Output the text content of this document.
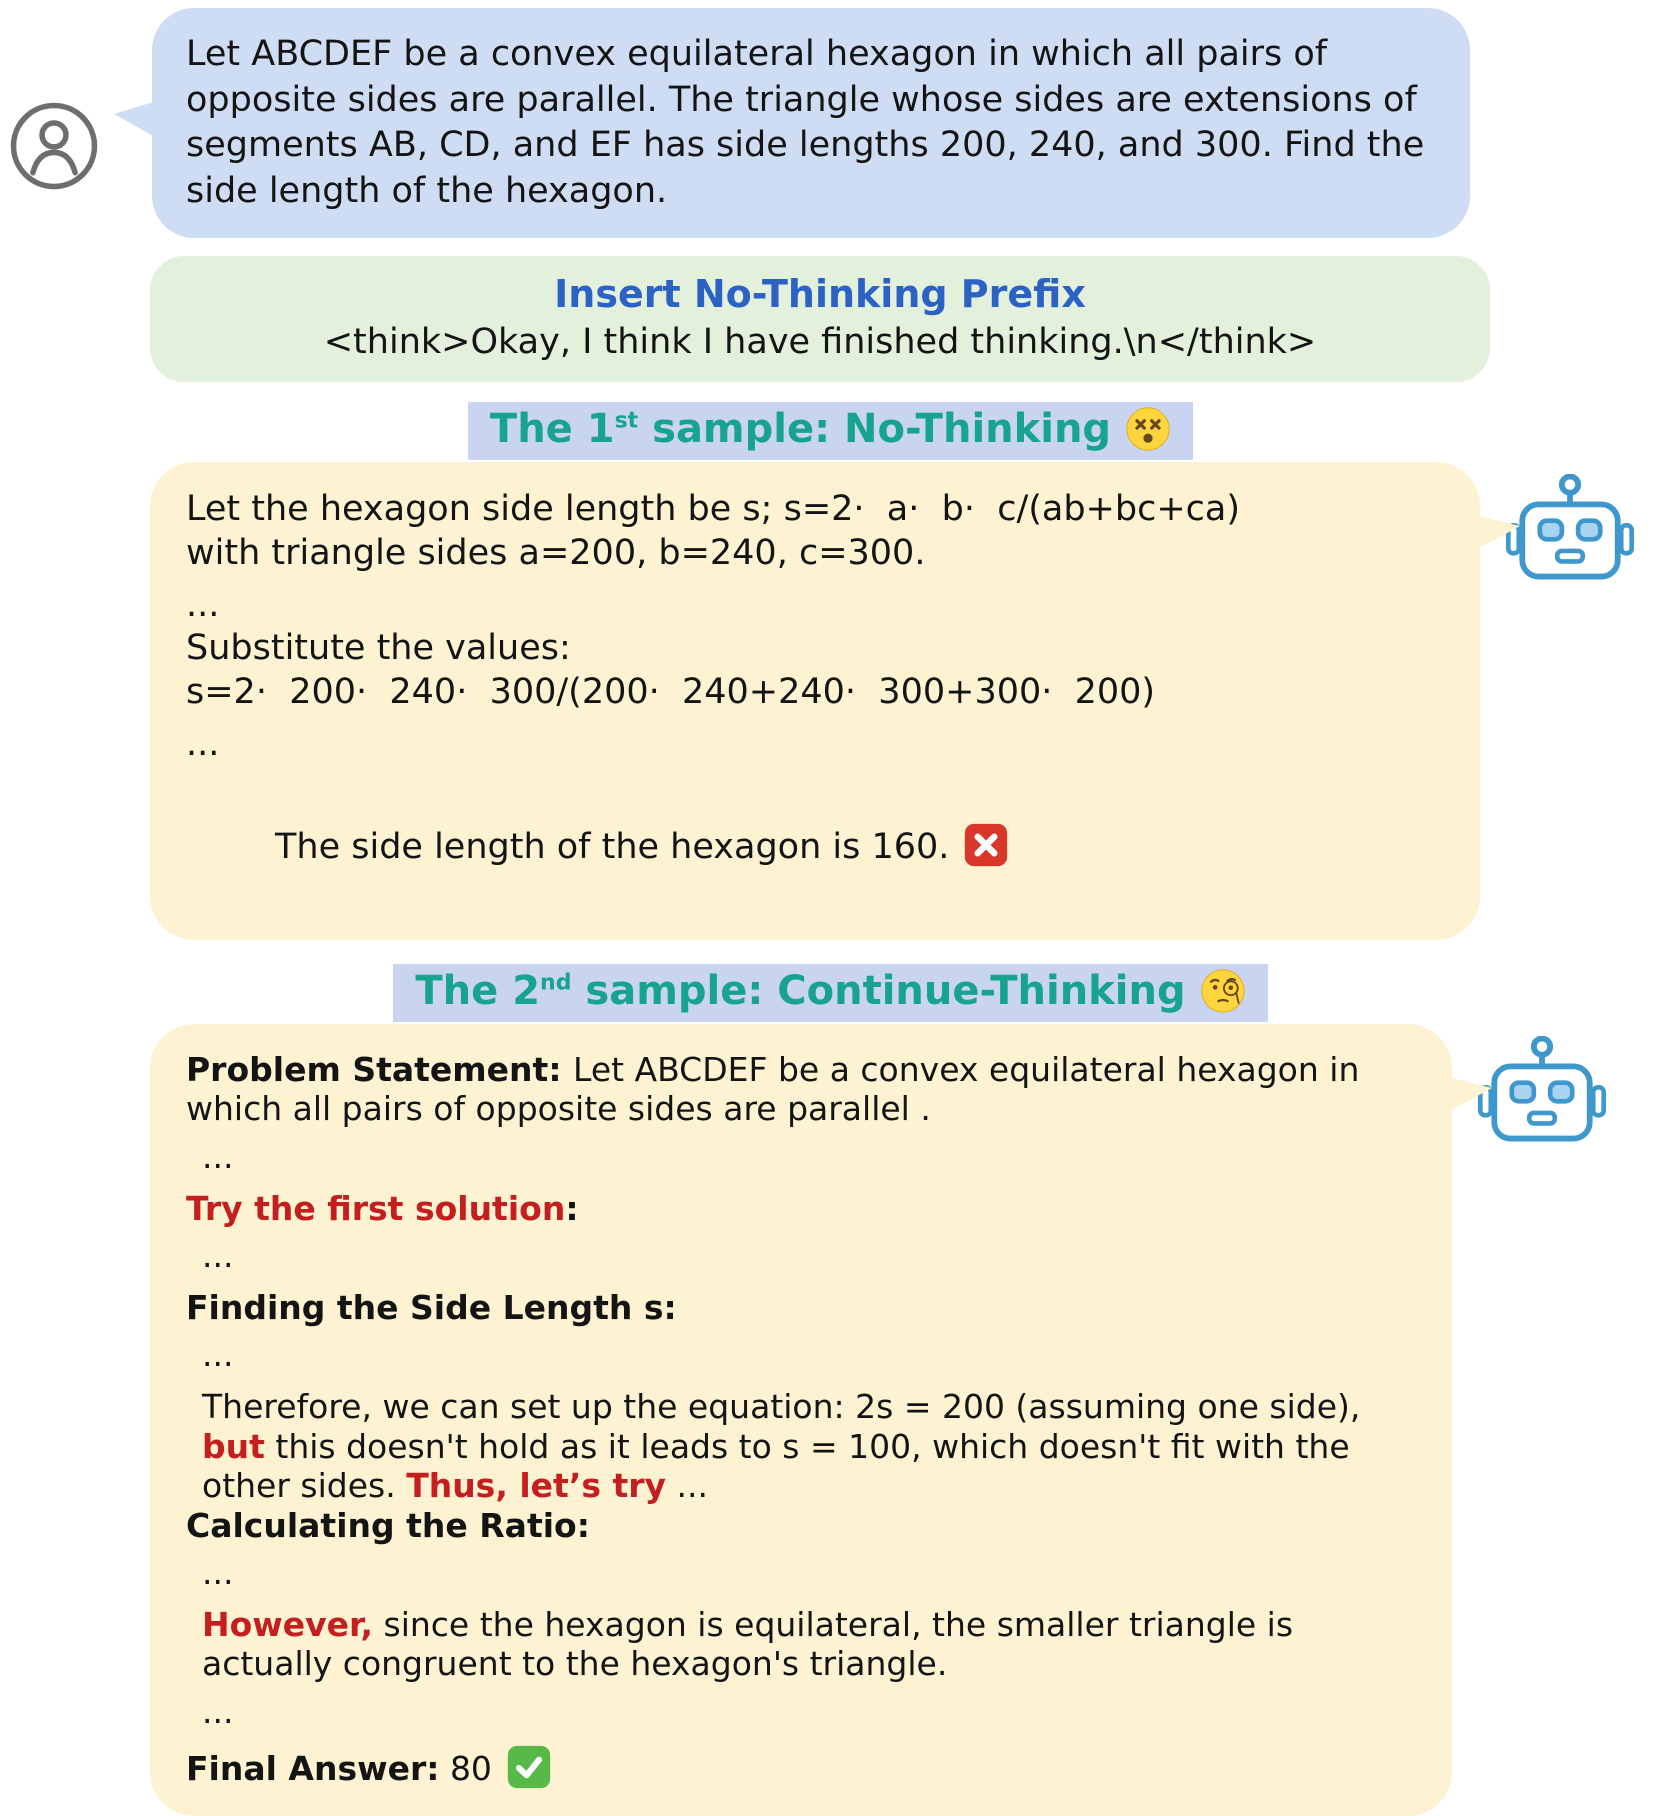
Let ABCDEF be a convex equilateral hexagon in which all pairs of opposite sides are parallel. The triangle whose sides are extensions of segments AB, CD, and EF has side lengths 200, 240, and 300. Find the side length of the hexagon.
Insert No-Thinking Prefix
<think>Okay, I think I have finished thinking.\n</think>
The 1st sample: No-Thinking
Let the hexagon side length be s; s=2·  a·  b·  c/(ab+bc+ca)
with triangle sides a=200, b=240, c=300.
...
Substitute the values:
s=2·  200·  240·  300/(200·  240+240·  300+300·  200)
...

The side length of the hexagon is 160.

The 2nd sample: Continue-Thinking
Problem Statement: Let ABCDEF be a convex equilateral hexagon in which all pairs of opposite sides are parallel .
...
Try the first solution:
...
Finding the Side Length s:
...
Therefore, we can set up the equation: 2s = 200 (assuming one side), but this doesn't hold as it leads to s = 100, which doesn't fit with the other sides. Thus, let’s try ...
Calculating the Ratio:
...
However, since the hexagon is equilateral, the smaller triangle is actually congruent to the hexagon's triangle.
...
Final Answer: 80
